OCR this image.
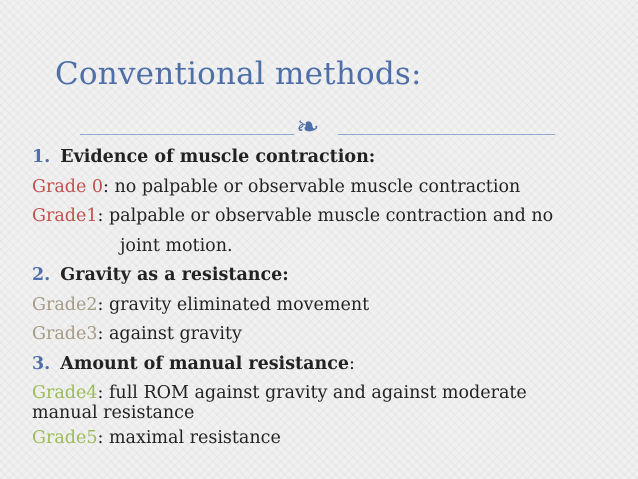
Conventional methods:
❧
1. Evidence of muscle contraction:
Grade 0: no palpable or observable muscle contraction
Grade1: palpable or observable muscle contraction and no
joint motion.
2. Gravity as a resistance:
Grade2: gravity eliminated movement
Grade3: against gravity
3. Amount of manual resistance:
Grade4: full ROM against gravity and against moderate
manual resistance
Grade5: maximal resistance
